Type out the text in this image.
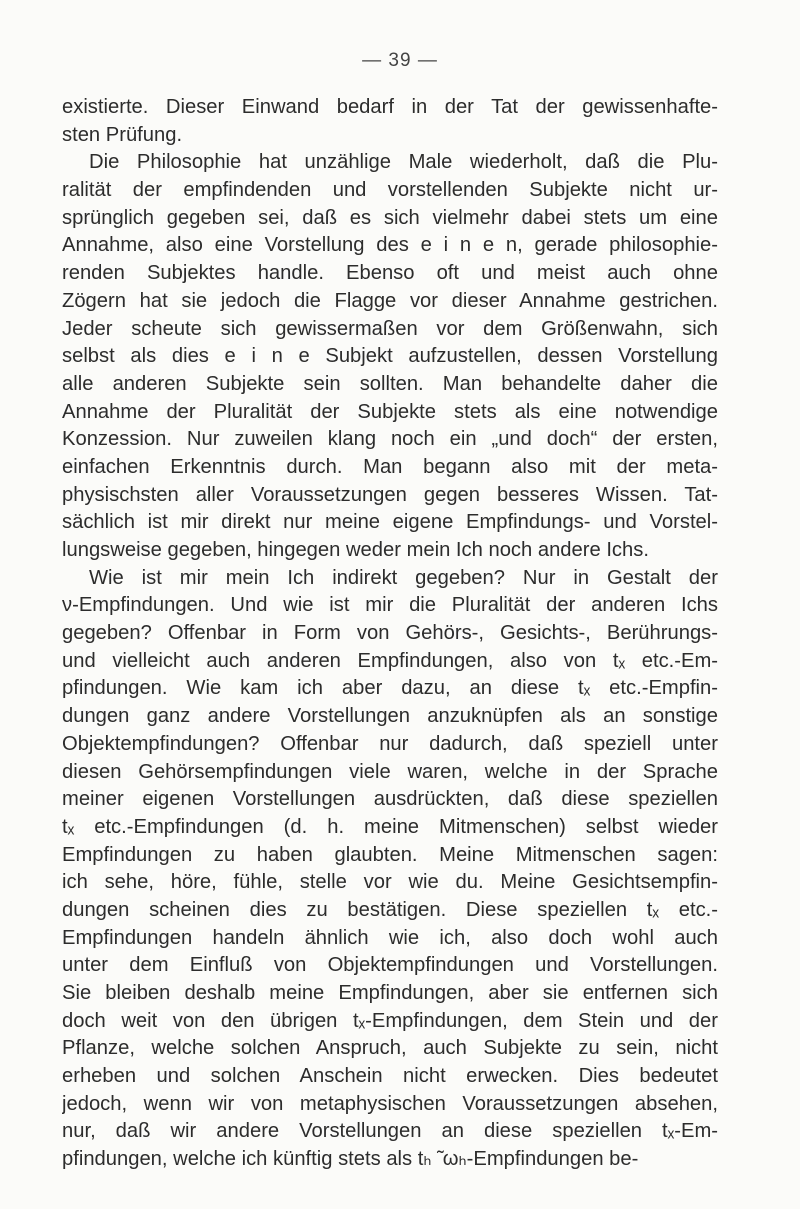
— 39 —
existierte. Dieser Einwand bedarf in der Tat der gewissenhafte-
sten Prüfung.
Die Philosophie hat unzählige Male wiederholt, daß die Plu-
ralität der empfindenden und vorstellenden Subjekte nicht ur-
sprünglich gegeben sei, daß es sich vielmehr dabei stets um eine
Annahme, also eine Vorstellung des e i n e n, gerade philosophie-
renden Subjektes handle. Ebenso oft und meist auch ohne
Zögern hat sie jedoch die Flagge vor dieser Annahme gestrichen.
Jeder scheute sich gewissermaßen vor dem Größenwahn, sich
selbst als dies e i n e Subjekt aufzustellen, dessen Vorstellung
alle anderen Subjekte sein sollten. Man behandelte daher die
Annahme der Pluralität der Subjekte stets als eine notwendige
Konzession. Nur zuweilen klang noch ein „und doch“ der ersten,
einfachen Erkenntnis durch. Man begann also mit der meta-
physischsten aller Voraussetzungen gegen besseres Wissen. Tat-
sächlich ist mir direkt nur meine eigene Empfindungs- und Vorstel-
lungsweise gegeben, hingegen weder mein Ich noch andere Ichs.
Wie ist mir mein Ich indirekt gegeben? Nur in Gestalt der
ν-Empfindungen. Und wie ist mir die Pluralität der anderen Ichs
gegeben? Offenbar in Form von Gehörs-, Gesichts-, Berührungs-
und vielleicht auch anderen Empfindungen, also von tₓ etc.-Em-
pfindungen. Wie kam ich aber dazu, an diese tₓ etc.-Empfin-
dungen ganz andere Vorstellungen anzuknüpfen als an sonstige
Objektempfindungen? Offenbar nur dadurch, daß speziell unter
diesen Gehörsempfindungen viele waren, welche in der Sprache
meiner eigenen Vorstellungen ausdrückten, daß diese speziellen
tₓ etc.-Empfindungen (d. h. meine Mitmenschen) selbst wieder
Empfindungen zu haben glaubten. Meine Mitmenschen sagen:
ich sehe, höre, fühle, stelle vor wie du. Meine Gesichtsempfin-
dungen scheinen dies zu bestätigen. Diese speziellen tₓ etc.-
Empfindungen handeln ähnlich wie ich, also doch wohl auch
unter dem Einfluß von Objektempfindungen und Vorstellungen.
Sie bleiben deshalb meine Empfindungen, aber sie entfernen sich
doch weit von den übrigen tₓ-Empfindungen, dem Stein und der
Pflanze, welche solchen Anspruch, auch Subjekte zu sein, nicht
erheben und solchen Anschein nicht erwecken. Dies bedeutet
jedoch, wenn wir von metaphysischen Voraussetzungen absehen,
nur, daß wir andere Vorstellungen an diese speziellen tₓ-Em-
pfindungen, welche ich künftig stets als tₕ ̃ ωₕ-Empfindungen be-
